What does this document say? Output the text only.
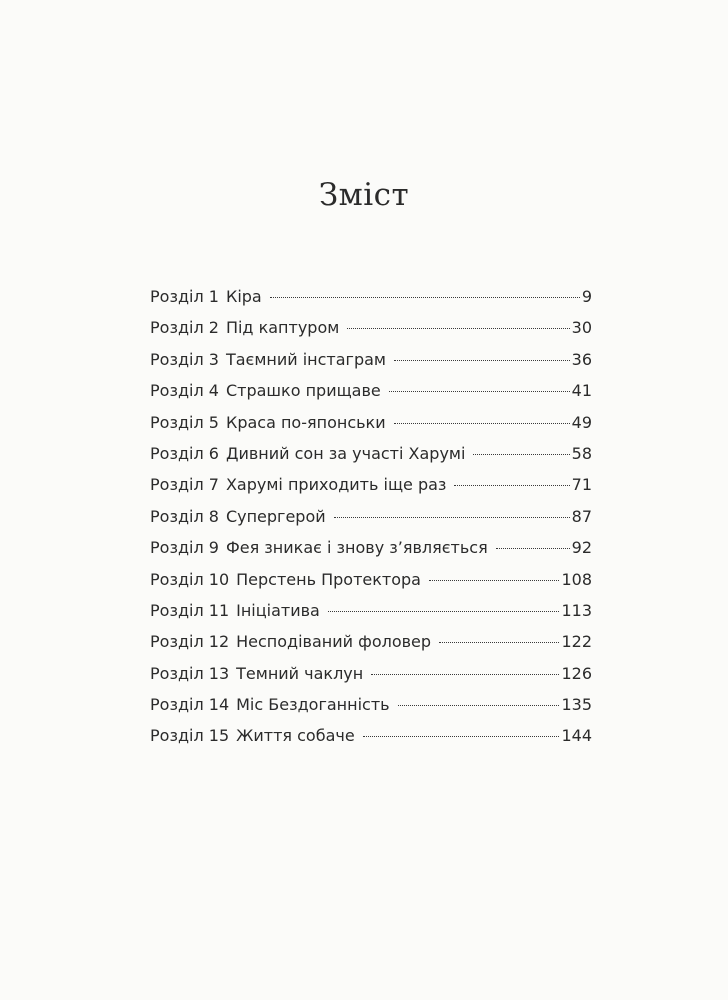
Зміст
Розділ 1 Кіра	9
Розділ 2 Під каптуром	30
Розділ 3 Таємний інстаграм	36
Розділ 4 Страшко прищаве	41
Розділ 5 Краса по-японськи	49
Розділ 6 Дивний сон за участі Харумі	58
Розділ 7 Харумі приходить іще раз	71
Розділ 8 Супергерой	87
Розділ 9 Фея зникає і знову з’являється	92
Розділ 10 Перстень Протектора	108
Розділ 11 Ініціатива	113
Розділ 12 Несподіваний фоловер	122
Розділ 13 Темний чаклун	126
Розділ 14 Міс Бездоганність	135
Розділ 15 Життя собаче	144
